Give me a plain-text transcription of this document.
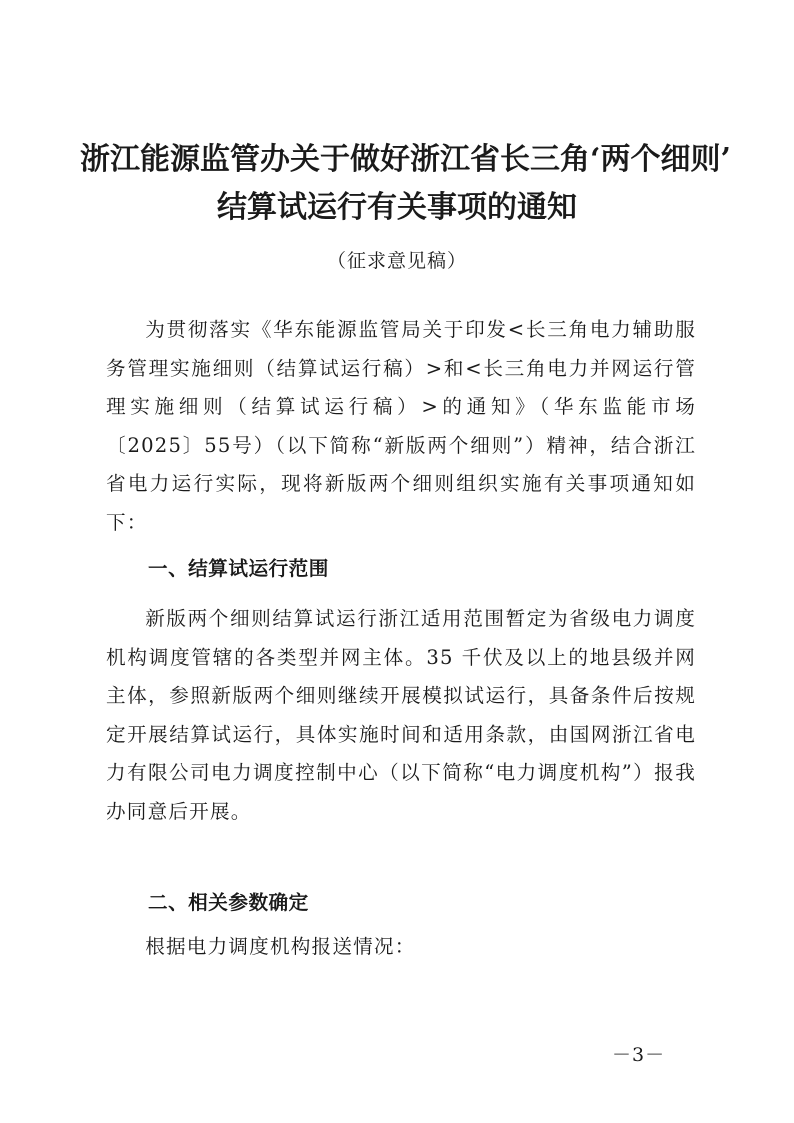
浙江能源监管办关于做好浙江省长三角‘两个细则’
结算试运行有关事项的通知
（征求意见稿）

为贯彻落实《华东能源监管局关于印发<长三角电力辅助服务管理实施细则（结算试运行稿）>和<长三角电力并网运行管理实施细则（结算试运行稿）>的通知》（华东监能市场〔2025〕55号）（以下简称“新版两个细则”）精神，结合浙江省电力运行实际，现将新版两个细则组织实施有关事项通知如下：

一、结算试运行范围

新版两个细则结算试运行浙江适用范围暂定为省级电力调度机构调度管辖的各类型并网主体。35 千伏及以上的地县级并网主体，参照新版两个细则继续开展模拟试运行，具备条件后按规定开展结算试运行，具体实施时间和适用条款，由国网浙江省电力有限公司电力调度控制中心（以下简称“电力调度机构”）报我办同意后开展。

二、相关参数确定

根据电力调度机构报送情况：

－3－
